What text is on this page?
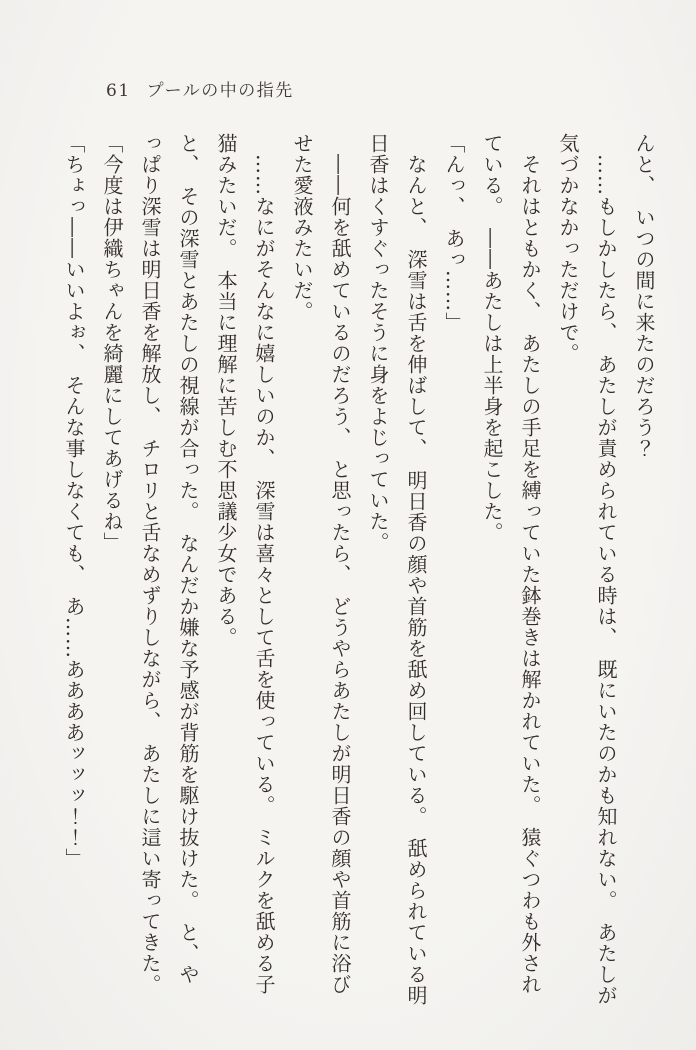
61 プールの中の指先

んと、　いつの間に来たのだろう？

　……もしかしたら、　あたしが責められている時は、　既にいたのかも知れない。　あたしが

気づかなかっただけで。

　それはともかく、　あたしの手足を縛っていた鉢巻きは解かれていた。　猿ぐつわも外され

ている。　――あたしは上半身を起こした。

「んっ、　あっ……」

　なんと、　深雪は舌を伸ばして、　明日香の顔や首筋を舐め回している。　舐められている明

日香はくすぐったそうに身をよじっていた。

　――何を舐めているのだろう、　と思ったら、　どうやらあたしが明日香の顔や首筋に浴び

せた愛液みたいだ。

　……なにがそんなに嬉しいのか、　深雪は喜々として舌を使っている。　ミルクを舐める子

猫みたいだ。　本当に理解に苦しむ不思議少女である。

と、　その深雪とあたしの視線が合った。　なんだか嫌な予感が背筋を駆け抜けた。　と、や

っぱり深雪は明日香を解放し、　チロリと舌なめずりしながら、　あたしに這い寄ってきた。

「今度は伊織ちゃんを綺麗にしてあげるね」

「ちょっ――いいよぉ、　そんな事しなくても、　あ……ああああッッッ！！」
